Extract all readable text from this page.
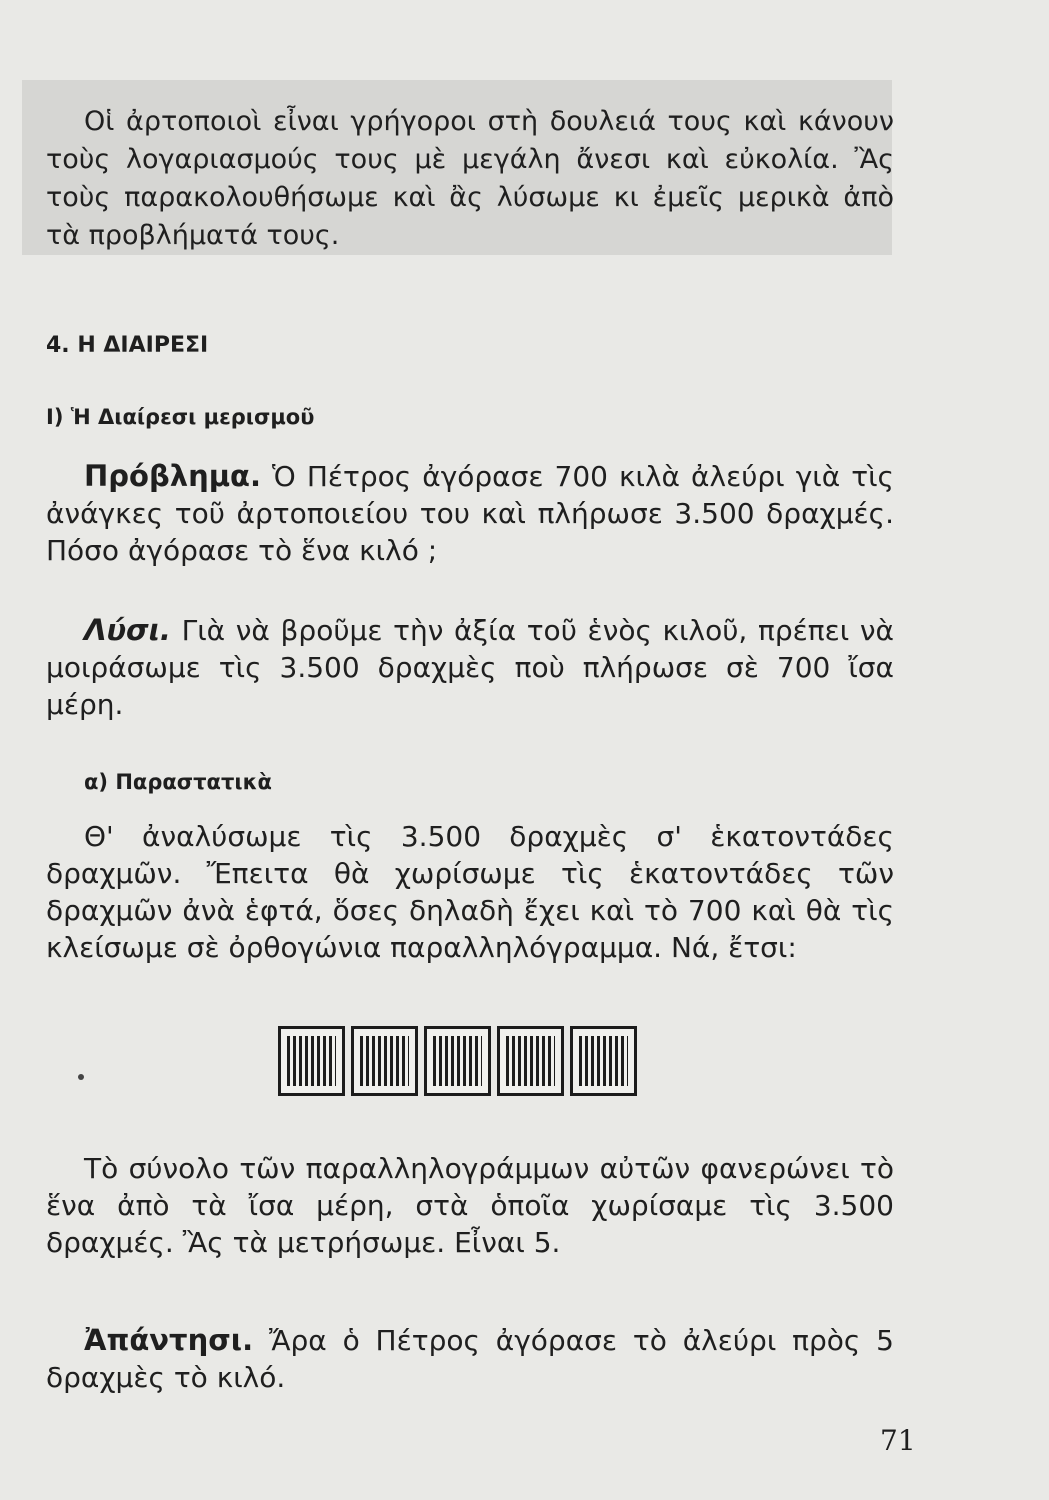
Οἱ ἀρτοποιοὶ εἶναι γρήγοροι στὴ δουλειά τους καὶ κάνουν τοὺς λογαριασμούς τους μὲ μεγάλη ἄνεσι καὶ εὐκολία. Ἂς τοὺς παρακολουθήσωμε καὶ ἂς λύσωμε κι ἐμεῖς μερικὰ ἀπὸ τὰ προβλήματά τους.

4. Η ΔΙΑΙΡΕΣΙ
I) Ἡ Διαίρεσι μερισμοῦ

Πρόβλημα. Ὁ Πέτρος ἀγόρασε 700 κιλὰ ἀλεύρι γιὰ τὶς ἀνάγκες τοῦ ἀρτοποιείου του καὶ πλήρωσε 3.500 δραχμές. Πόσο ἀγόρασε τὸ ἕνα κιλό ;

Λύσι. Γιὰ νὰ βροῦμε τὴν ἀξία τοῦ ἑνὸς κιλοῦ, πρέπει νὰ μοιράσωμε τὶς 3.500 δραχμὲς ποὺ πλήρωσε σὲ 700 ἴσα μέρη.

α) Παραστατικὰ

Θ' ἀναλύσωμε τὶς 3.500 δραχμὲς σ' ἑκατοντάδες δραχμῶν. Ἔπειτα θὰ χωρίσωμε τὶς ἑκατοντάδες τῶν δραχμῶν ἀνὰ ἑφτά, ὅσες δηλαδὴ ἔχει καὶ τὸ 700 καὶ θὰ τὶς κλείσωμε σὲ ὀρθογώνια παραλληλόγραμμα. Νά, ἔτσι:

Τὸ σύνολο τῶν παραλληλογράμμων αὐτῶν φανερώνει τὸ ἕνα ἀπὸ τὰ ἴσα μέρη, στὰ ὁποῖα χωρίσαμε τὶς 3.500 δραχμές. Ἂς τὰ μετρήσωμε. Εἶναι 5.

Ἀπάντησι. Ἄρα ὁ Πέτρος ἀγόρασε τὸ ἀλεύρι πρὸς 5 δραχμὲς τὸ κιλό.

71
